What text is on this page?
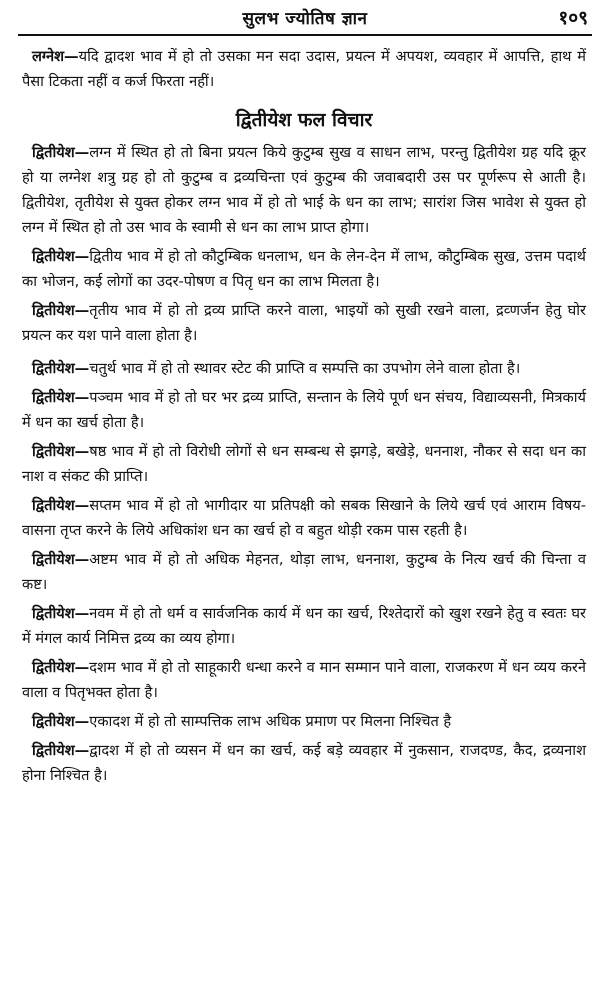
सुलभ ज्योतिष ज्ञान	१०९

लग्नेश—यदि द्वादश भाव में हो तो उसका मन सदा उदास, प्रयत्न में अपयश, व्यवहार में आपत्ति, हाथ में पैसा टिकता नहीं व कर्ज फिरता नहीं।

द्वितीयेश फल विचार

द्वितीयेश—लग्न में स्थित हो तो बिना प्रयत्न किये कुटुम्ब सुख व साधन लाभ, परन्तु द्वितीयेश ग्रह यदि क्रूर हो या लग्नेश शत्रु ग्रह हो तो कुटुम्ब व द्रव्यचिन्ता एवं कुटुम्ब की जवाबदारी उस पर पूर्णरूप से आती है। द्वितीयेश, तृतीयेश से युक्त होकर लग्न भाव में हो तो भाई के धन का लाभ; सारांश जिस भावेश से युक्त हो लग्न में स्थित हो तो उस भाव के स्वामी से धन का लाभ प्राप्त होगा।

द्वितीयेश—द्वितीय भाव में हो तो कौटुम्बिक धनलाभ, धन के लेन-देन में लाभ, कौटुम्बिक सुख, उत्तम पदार्थ का भोजन, कई लोगों का उदर-पोषण व पितृ धन का लाभ मिलता है।

द्वितीयेश—तृतीय भाव में हो तो द्रव्य प्राप्ति करने वाला, भाइयों को सुखी रखने वाला, द्रव्णर्जन हेतु घोर प्रयत्न कर यश पाने वाला होता है।

द्वितीयेश—चतुर्थ भाव में हो तो स्थावर स्टेट की प्राप्ति व सम्पत्ति का उपभोग लेने वाला होता है।

द्वितीयेश—पञ्चम भाव में हो तो घर भर द्रव्य प्राप्ति, सन्तान के लिये पूर्ण धन संचय, विद्याव्यसनी, मित्रकार्य में धन का खर्च होता है।

द्वितीयेश—षष्ठ भाव में हो तो विरोधी लोगों से धन सम्बन्ध से झगड़े, बखेड़े, धननाश, नौकर से सदा धन का नाश व संकट की प्राप्ति।

द्वितीयेश—सप्तम भाव में हो तो भागीदार या प्रतिपक्षी को सबक सिखाने के लिये खर्च एवं आराम विषय-वासना तृप्त करने के लिये अधिकांश धन का खर्च हो व बहुत थोड़ी रकम पास रहती है।

द्वितीयेश—अष्टम भाव में हो तो अधिक मेहनत, थोड़ा लाभ, धननाश, कुटुम्ब के नित्य खर्च की चिन्ता व कष्ट।

द्वितीयेश—नवम में हो तो धर्म व सार्वजनिक कार्य में धन का खर्च, रिश्तेदारों को खुश रखने हेतु व स्वतः घर में मंगल कार्य निमित्त द्रव्य का व्यय होगा।

द्वितीयेश—दशम भाव में हो तो साहूकारी धन्धा करने व मान सम्मान पाने वाला, राजकरण में धन व्यय करने वाला व पितृभक्त होता है।

द्वितीयेश—एकादश में हो तो साम्पत्तिक लाभ अधिक प्रमाण पर मिलना निश्चित है

द्वितीयेश—द्वादश में हो तो व्यसन में धन का खर्च, कई बड़े व्यवहार में नुकसान, राजदण्ड, कैद, द्रव्यनाश होना निश्चित है।
